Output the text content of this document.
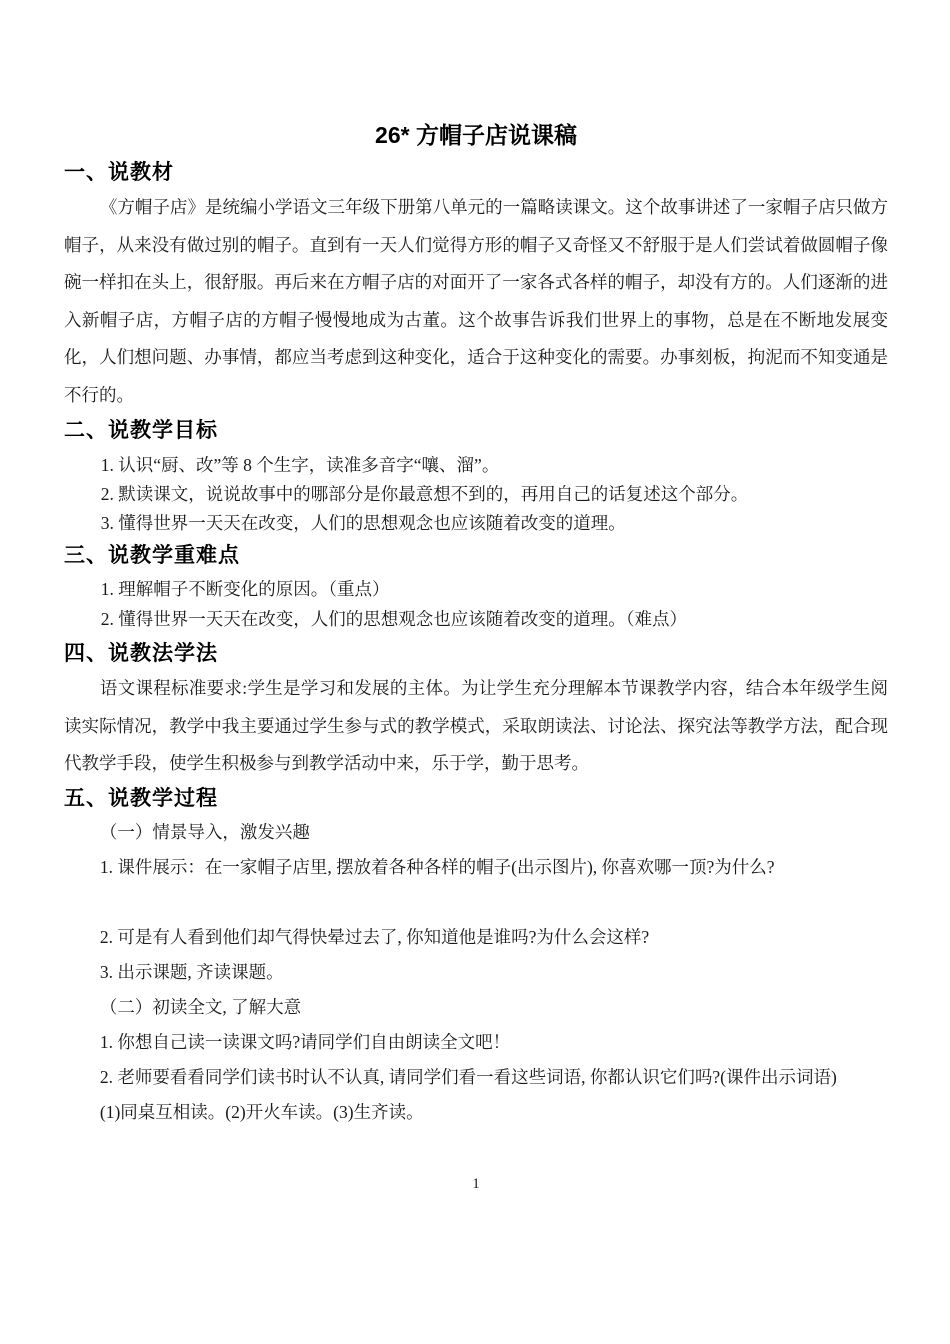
26* 方帽子店说课稿
一、说教材

《方帽子店》是统编小学语文三年级下册第八单元的一篇略读课文。这个故事讲述了一家帽子店只做方帽子，从来没有做过别的帽子。直到有一天人们觉得方形的帽子又奇怪又不舒服于是人们尝试着做圆帽子像碗一样扣在头上，很舒服。再后来在方帽子店的对面开了一家各式各样的帽子，却没有方的。人们逐渐的进入新帽子店，方帽子店的方帽子慢慢地成为古董。这个故事告诉我们世界上的事物，总是在不断地发展变化，人们想问题、办事情，都应当考虑到这种变化，适合于这种变化的需要。办事刻板，拘泥而不知变通是不行的。

二、说教学目标

1. 认识“厨、改”等 8 个生字，读准多音字“嚷、溜”。

2. 默读课文，说说故事中的哪部分是你最意想不到的，再用自己的话复述这个部分。

3. 懂得世界一天天在改变，人们的思想观念也应该随着改变的道理。

三、说教学重难点

1. 理解帽子不断变化的原因。（重点）

2. 懂得世界一天天在改变，人们的思想观念也应该随着改变的道理。（难点）

四、说教法学法

语文课程标准要求:学生是学习和发展的主体。为让学生充分理解本节课教学内容，结合本年级学生阅读实际情况，教学中我主要通过学生参与式的教学模式，采取朗读法、讨论法、探究法等教学方法，配合现代教学手段，使学生积极参与到教学活动中来，乐于学，勤于思考。

五、说教学过程

（一）情景导入，激发兴趣

1. 课件展示：在一家帽子店里, 摆放着各种各样的帽子(出示图片), 你喜欢哪一顶?为什么?

2. 可是有人看到他们却气得快晕过去了, 你知道他是谁吗?为什么会这样?

3. 出示课题, 齐读课题。

（二）初读全文, 了解大意

1. 你想自己读一读课文吗?请同学们自由朗读全文吧！

2. 老师要看看同学们读书时认不认真, 请同学们看一看这些词语, 你都认识它们吗?(课件出示词语)

(1)同桌互相读。(2)开火车读。(3)生齐读。

1
